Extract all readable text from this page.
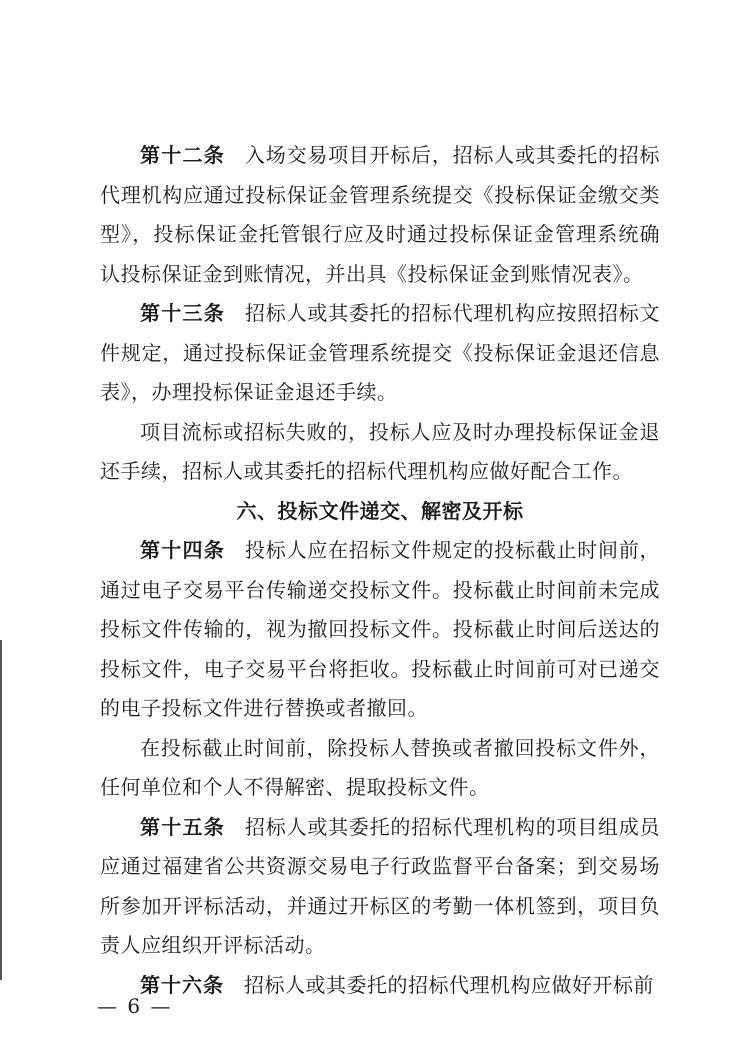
第十二条 入场交易项目开标后，招标人或其委托的招标代理机构应通过投标保证金管理系统提交《投标保证金缴交类型》，投标保证金托管银行应及时通过投标保证金管理系统确认投标保证金到账情况，并出具《投标保证金到账情况表》。

第十三条 招标人或其委托的招标代理机构应按照招标文件规定，通过投标保证金管理系统提交《投标保证金退还信息表》，办理投标保证金退还手续。

项目流标或招标失败的，投标人应及时办理投标保证金退还手续，招标人或其委托的招标代理机构应做好配合工作。

六、投标文件递交、解密及开标

第十四条 投标人应在招标文件规定的投标截止时间前，通过电子交易平台传输递交投标文件。投标截止时间前未完成投标文件传输的，视为撤回投标文件。投标截止时间后送达的投标文件，电子交易平台将拒收。投标截止时间前可对已递交的电子投标文件进行替换或者撤回。

在投标截止时间前，除投标人替换或者撤回投标文件外，任何单位和个人不得解密、提取投标文件。

第十五条 招标人或其委托的招标代理机构的项目组成员应通过福建省公共资源交易电子行政监督平台备案；到交易场所参加开评标活动，并通过开标区的考勤一体机签到，项目负责人应组织开评标活动。

第十六条 招标人或其委托的招标代理机构应做好开标前

— 6 —
